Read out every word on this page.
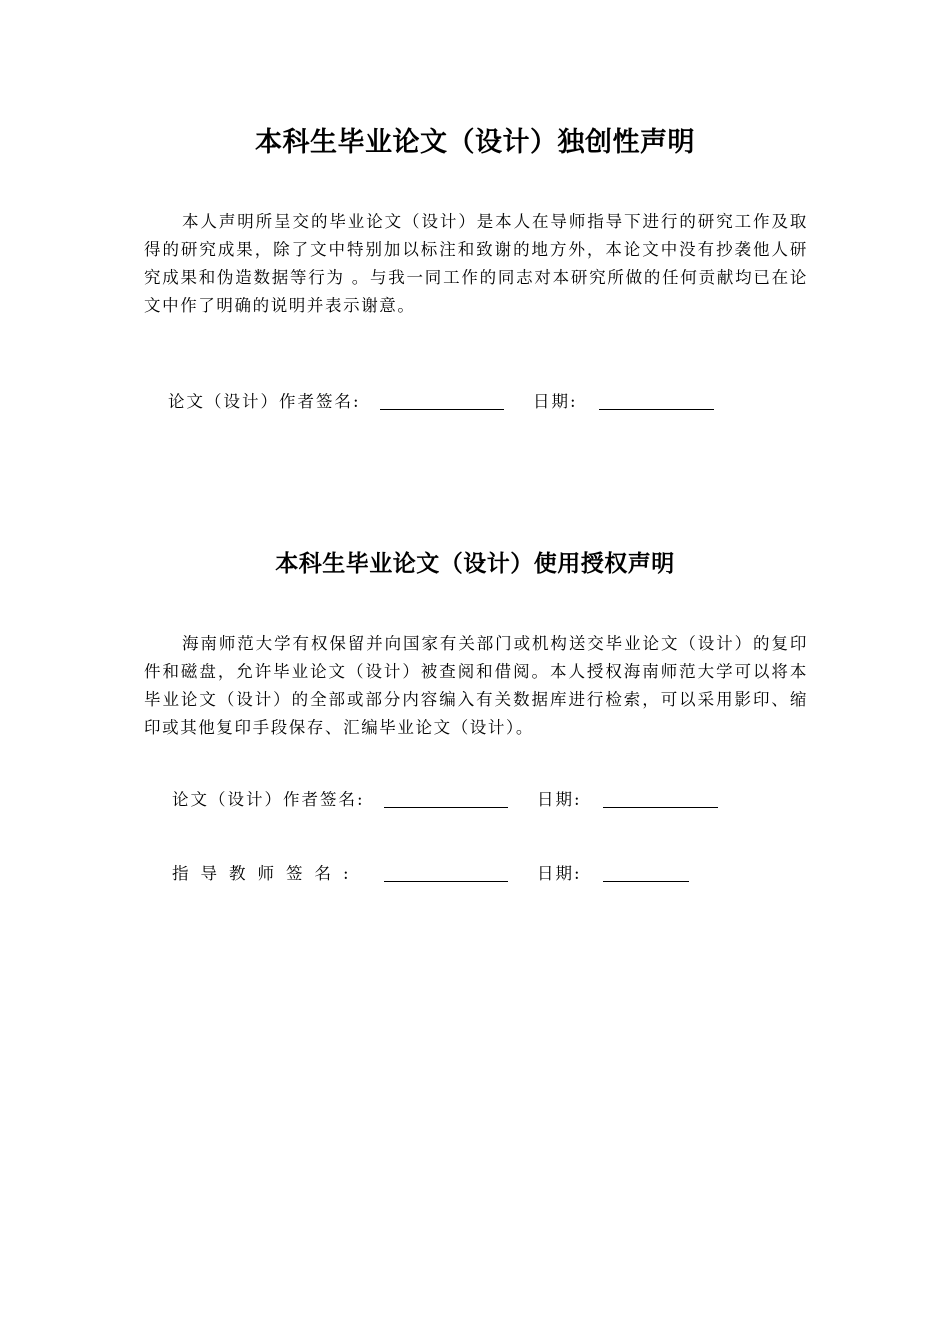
本科生毕业论文（设计）独创性声明
本人声明所呈交的毕业论文（设计）是本人在导师指导下进行的研究工作及取得的研究成果，除了文中特别加以标注和致谢的地方外，本论文中没有抄袭他人研究成果和伪造数据等行为 。与我一同工作的同志对本研究所做的任何贡献均已在论文中作了明确的说明并表示谢意。
论文（设计）作者签名:	日期:
本科生毕业论文（设计）使用授权声明
海南师范大学有权保留并向国家有关部门或机构送交毕业论文（设计）的复印件和磁盘，允许毕业论文（设计）被查阅和借阅。本人授权海南师范大学可以将本毕业论文（设计）的全部或部分内容编入有关数据库进行检索，可以采用影印、缩印或其他复印手段保存、汇编毕业论文（设计）。
论文（设计）作者签名:	日期:
指导教师签名:	日期:
